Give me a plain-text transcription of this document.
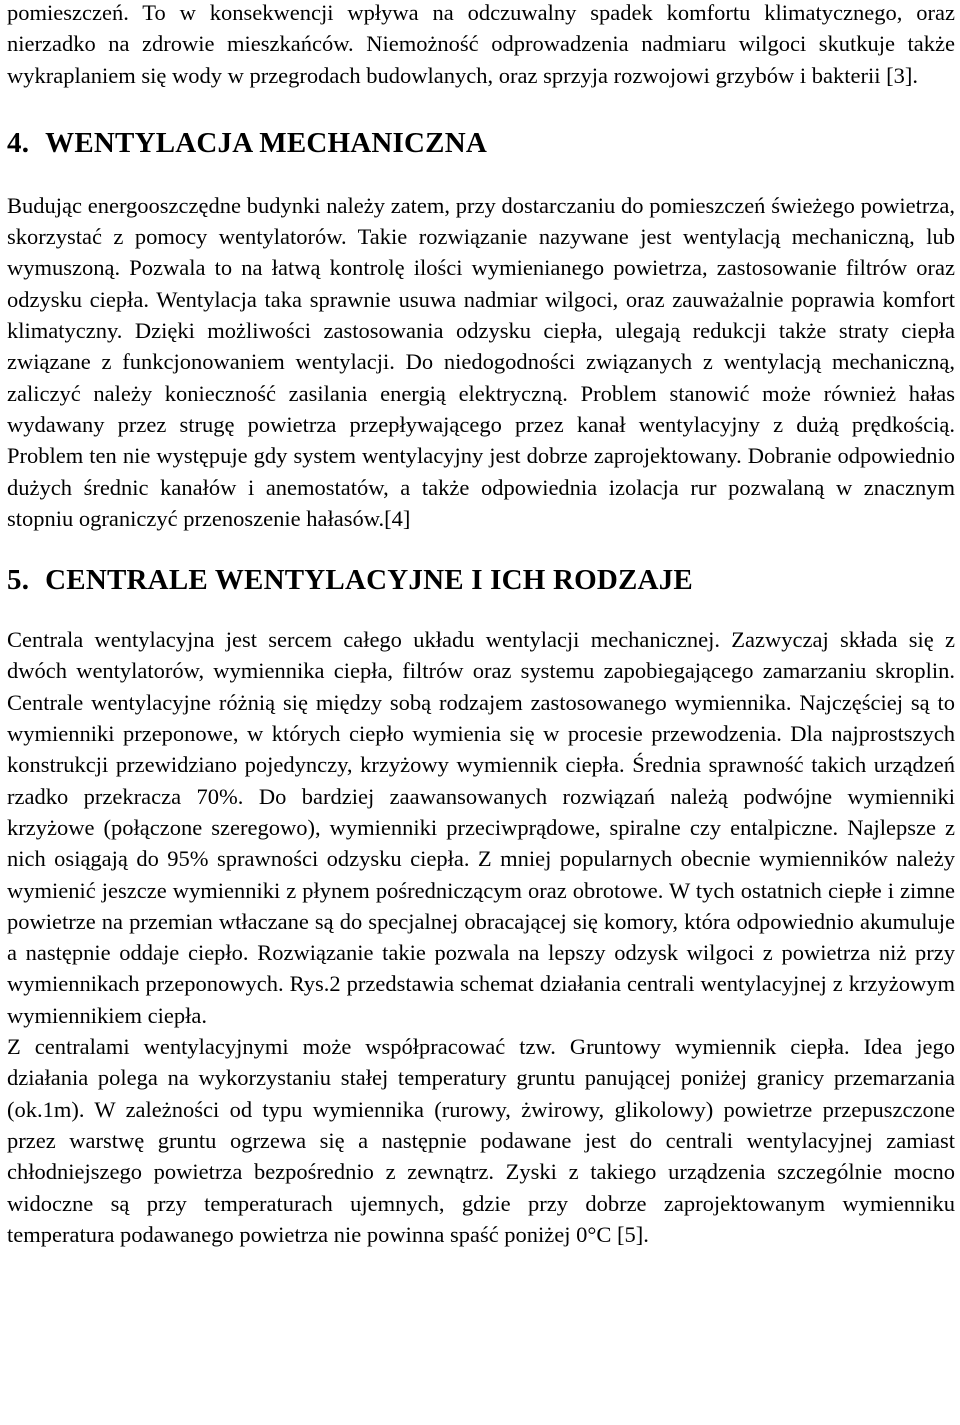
pomieszczeń. To w konsekwencji wpływa na odczuwalny spadek komfortu klimatycznego, oraz nierzadko na zdrowie mieszkańców. Niemożność odprowadzenia nadmiaru wilgoci skutkuje także wykraplaniem się wody w przegrodach budowlanych, oraz sprzyja rozwojowi grzybów i bakterii [3].

4. WENTYLACJA MECHANICZNA

Budując energooszczędne budynki należy zatem, przy dostarczaniu do pomieszczeń świeżego powietrza, skorzystać z pomocy wentylatorów. Takie rozwiązanie nazywane jest wentylacją mechaniczną, lub wymuszoną. Pozwala to na łatwą kontrolę ilości wymienianego powietrza, zastosowanie filtrów oraz odzysku ciepła. Wentylacja taka sprawnie usuwa nadmiar wilgoci, oraz zauważalnie poprawia komfort klimatyczny. Dzięki możliwości zastosowania odzysku ciepła, ulegają redukcji także straty ciepła związane z funkcjonowaniem wentylacji. Do niedogodności związanych z wentylacją mechaniczną, zaliczyć należy konieczność zasilania energią elektryczną. Problem stanowić może również hałas wydawany przez strugę powietrza przepływającego przez kanał wentylacyjny z dużą prędkością. Problem ten nie występuje gdy system wentylacyjny jest dobrze zaprojektowany. Dobranie odpowiednio dużych średnic kanałów i anemostatów, a także odpowiednia izolacja rur pozwalaną w znacznym stopniu ograniczyć przenoszenie hałasów.[4]

5. CENTRALE WENTYLACYJNE I ICH RODZAJE

Centrala wentylacyjna jest sercem całego układu wentylacji mechanicznej. Zazwyczaj składa się z dwóch wentylatorów, wymiennika ciepła, filtrów oraz systemu zapobiegającego zamarzaniu skroplin. Centrale wentylacyjne różnią się między sobą rodzajem zastosowanego wymiennika. Najczęściej są to wymienniki przeponowe, w których ciepło wymienia się w procesie przewodzenia. Dla najprostszych konstrukcji przewidziano pojedynczy, krzyżowy wymiennik ciepła. Średnia sprawność takich urządzeń rzadko przekracza 70%. Do bardziej zaawansowanych rozwiązań należą podwójne wymienniki krzyżowe (połączone szeregowo), wymienniki przeciwprądowe, spiralne czy entalpiczne. Najlepsze z nich osiągają do 95% sprawności odzysku ciepła. Z mniej popularnych obecnie wymienników należy wymienić jeszcze wymienniki z płynem pośredniczącym oraz obrotowe. W tych ostatnich ciepłe i zimne powietrze na przemian wtłaczane są do specjalnej obracającej się komory, która odpowiednio akumuluje a następnie oddaje ciepło. Rozwiązanie takie pozwala na lepszy odzysk wilgoci z powietrza niż przy wymiennikach przeponowych. Rys.2 przedstawia schemat działania centrali wentylacyjnej z krzyżowym wymiennikiem ciepła.

Z centralami wentylacyjnymi może współpracować tzw. Gruntowy wymiennik ciepła. Idea jego działania polega na wykorzystaniu stałej temperatury gruntu panującej poniżej granicy przemarzania (ok.1m). W zależności od typu wymiennika (rurowy, żwirowy, glikolowy) powietrze przepuszczone przez warstwę gruntu ogrzewa się a następnie podawane jest do centrali wentylacyjnej zamiast chłodniejszego powietrza bezpośrednio z zewnątrz. Zyski z takiego urządzenia szczególnie mocno widoczne są przy temperaturach ujemnych, gdzie przy dobrze zaprojektowanym wymienniku temperatura podawanego powietrza nie powinna spaść poniżej 0°C [5].
